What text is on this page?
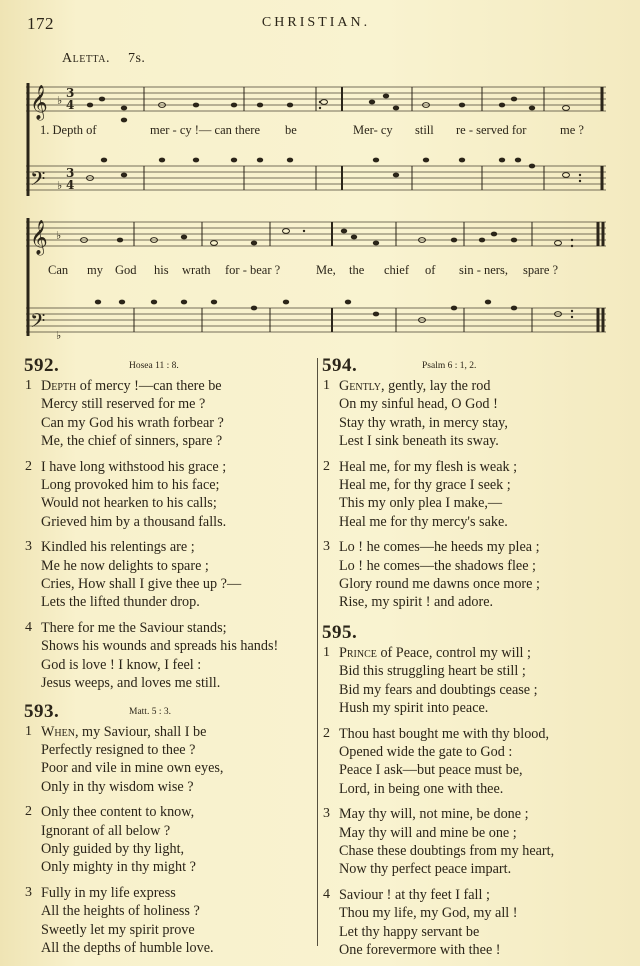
172	CHRISTIAN.
Aletta. 7s.
𝄞
𝄢
3
4
3
4
♭
♭
1. Depth of	mer - cy !— can there be	Mer- cy still re - served for	me ?
𝄞
𝄢
♭
♭
Can my God his wrath for - bear ?	Me, the chief of sin - ners, spare ?
592.	Hosea 11 : 8.
1 Depth of mercy !—can there be
Mercy still reserved for me ?
Can my God his wrath forbear ?
Me, the chief of sinners, spare ?
2 I have long withstood his grace ;
Long provoked him to his face;
Would not hearken to his calls;
Grieved him by a thousand falls.
3 Kindled his relentings are ;
Me he now delights to spare ;
Cries, How shall I give thee up ?—
Lets the lifted thunder drop.
4 There for me the Saviour stands;
Shows his wounds and spreads his hands!
God is love ! I know, I feel :
Jesus weeps, and loves me still.
593.	Matt. 5 : 3.
1 When, my Saviour, shall I be
Perfectly resigned to thee ?
Poor and vile in mine own eyes,
Only in thy wisdom wise ?
2 Only thee content to know,
Ignorant of all below ?
Only guided by thy light,
Only mighty in thy might ?
3 Fully in my life express
All the heights of holiness ?
Sweetly let my spirit prove
All the depths of humble love.
594.	Psalm 6 : 1, 2.
1 Gently, gently, lay the rod
On my sinful head, O God !
Stay thy wrath, in mercy stay,
Lest I sink beneath its sway.
2 Heal me, for my flesh is weak ;
Heal me, for thy grace I seek ;
This my only plea I make,—
Heal me for thy mercy's sake.
3 Lo ! he comes—he heeds my plea ;
Lo ! he comes—the shadows flee ;
Glory round me dawns once more ;
Rise, my spirit ! and adore.
595.
1 Prince of Peace, control my will ;
Bid this struggling heart be still ;
Bid my fears and doubtings cease ;
Hush my spirit into peace.
2 Thou hast bought me with thy blood,
Opened wide the gate to God :
Peace I ask—but peace must be,
Lord, in being one with thee.
3 May thy will, not mine, be done ;
May thy will and mine be one ;
Chase these doubtings from my heart,
Now thy perfect peace impart.
4 Saviour ! at thy feet I fall ;
Thou my life, my God, my all !
Let thy happy servant be
One forevermore with thee !
